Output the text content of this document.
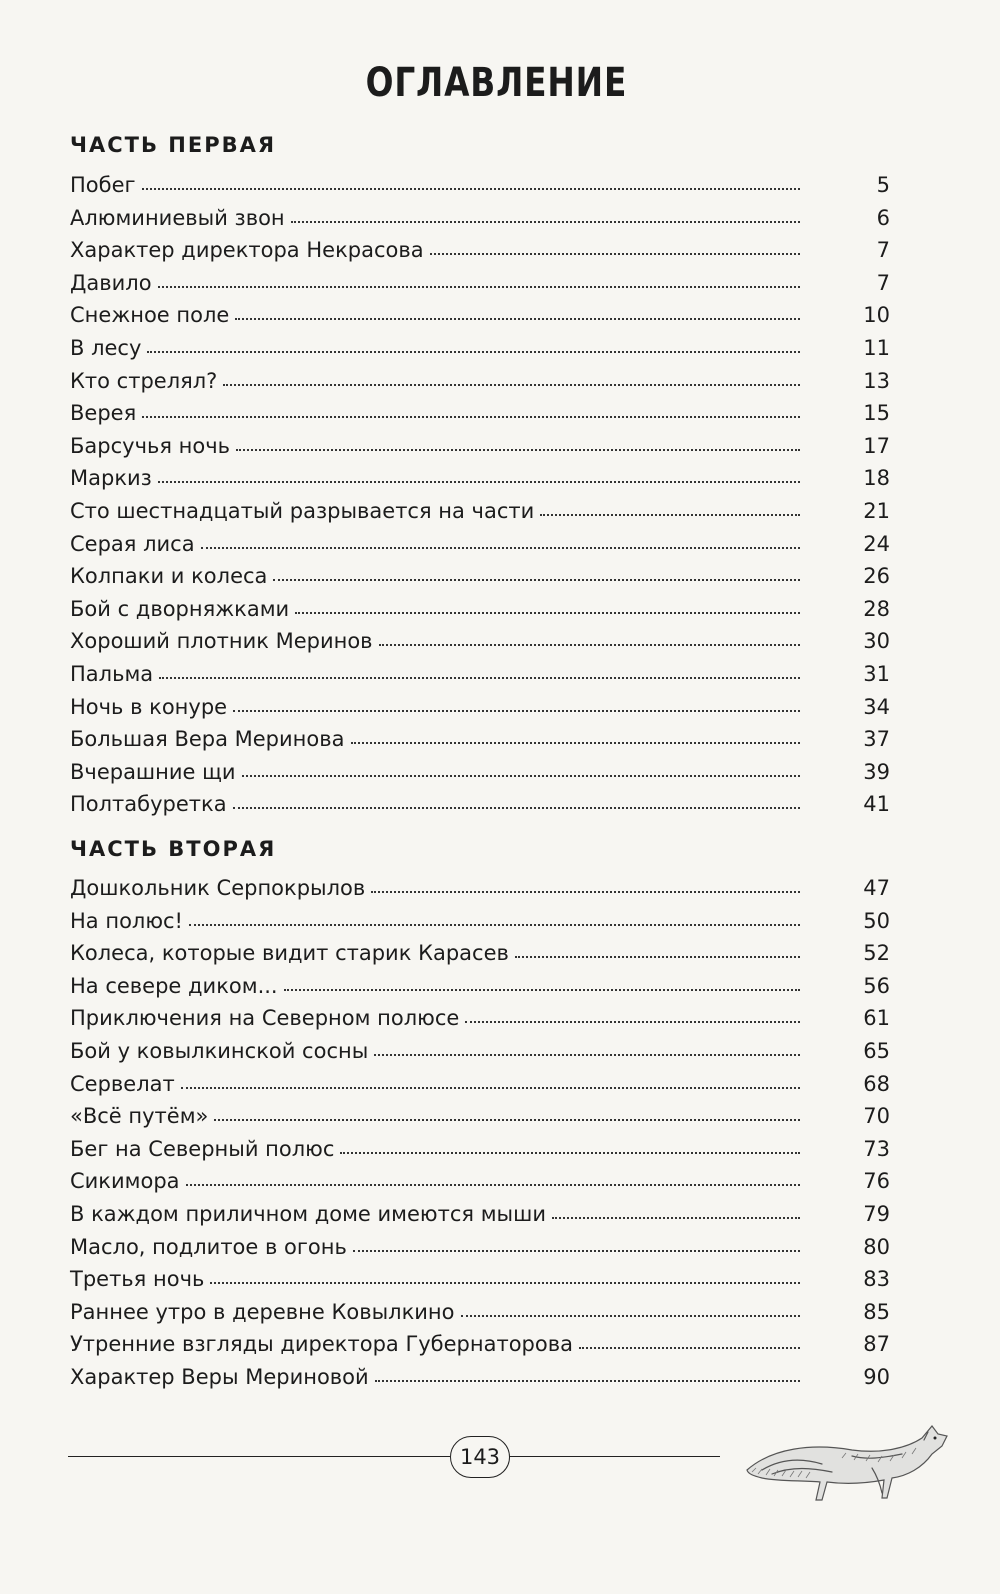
ОГЛАВЛЕНИЕ
ЧАСТЬ ПЕРВАЯ
Побег	5
Алюминиевый звон	6
Характер директора Некрасова	7
Давило	7
Снежное поле	10
В лесу	11
Кто стрелял?	13
Верея	15
Барсучья ночь	17
Маркиз	18
Сто шестнадцатый разрывается на части	21
Серая лиса	24
Колпаки и колеса	26
Бой с дворняжками	28
Хороший плотник Меринов	30
Пальма	31
Ночь в конуре	34
Большая Вера Меринова	37
Вчерашние щи	39
Полтабуретка	41
ЧАСТЬ ВТОРАЯ
Дошкольник Серпокрылов	47
На полюс!	50
Колеса, которые видит старик Карасев	52
На севере диком...	56
Приключения на Северном полюсе	61
Бой у ковылкинской сосны	65
Сервелат	68
«Всё путём»	70
Бег на Северный полюс	73
Сикимора	76
В каждом приличном доме имеются мыши	79
Масло, подлитое в огонь	80
Третья ночь	83
Раннее утро в деревне Ковылкино	85
Утренние взгляды директора Губернаторова	87
Характер Веры Мериновой	90
143
